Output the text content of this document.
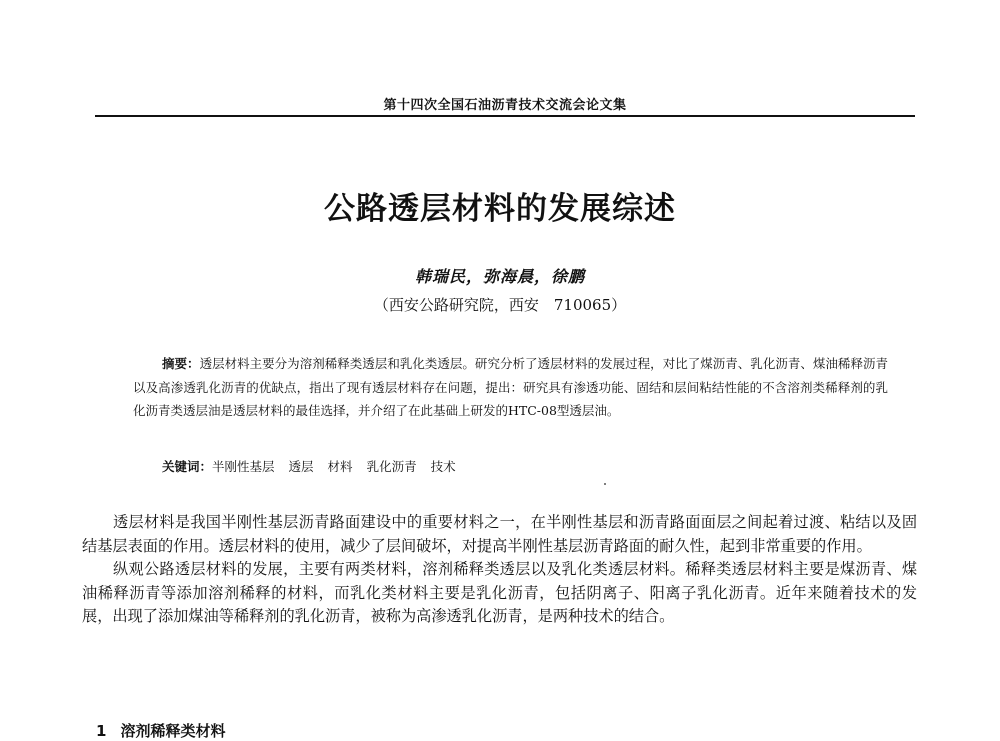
第十四次全国石油沥青技术交流会论文集
公路透层材料的发展综述
韩瑞民，弥海晨，徐鹏
（西安公路研究院，西安　710065）
摘要：透层材料主要分为溶剂稀释类透层和乳化类透层。研究分析了透层材料的发展过程，对比了煤沥青、乳化沥青、煤油稀释沥青以及高渗透乳化沥青的优缺点，指出了现有透层材料存在问题，提出：研究具有渗透功能、固结和层间粘结性能的不含溶剂类稀释剂的乳化沥青类透层油是透层材料的最佳选择，并介绍了在此基础上研发的HTC-08型透层油。
关键词：半刚性基层 透层 材料 乳化沥青 技术

透层材料是我国半刚性基层沥青路面建设中的重要材料之一，在半刚性基层和沥青路面面层之间起着过渡、粘结以及固结基层表面的作用。透层材料的使用，减少了层间破坏，对提高半刚性基层沥青路面的耐久性，起到非常重要的作用。

纵观公路透层材料的发展，主要有两类材料，溶剂稀释类透层以及乳化类透层材料。稀释类透层材料主要是煤沥青、煤油稀释沥青等添加溶剂稀释的材料，而乳化类材料主要是乳化沥青，包括阴离子、阳离子乳化沥青。近年来随着技术的发展，出现了添加煤油等稀释剂的乳化沥青，被称为高渗透乳化沥青，是两种技术的结合。

1 溶剂稀释类材料
